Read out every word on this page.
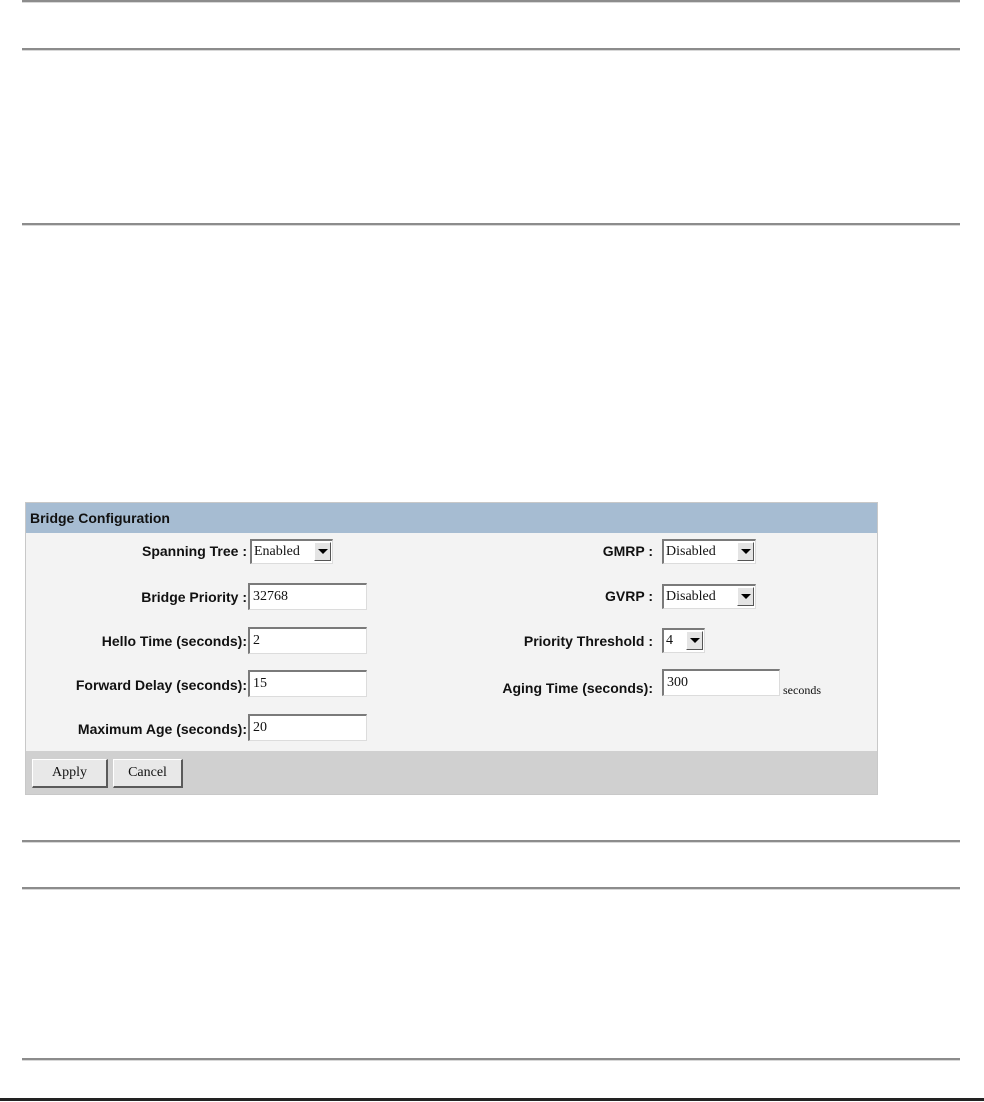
Bridge Configuration
Spanning Tree : Enabled
Bridge Priority : 32768
Hello Time (seconds): 2
Forward Delay (seconds): 15
Maximum Age (seconds): 20
GMRP : Disabled
GVRP : Disabled
Priority Threshold : 4
Aging Time (seconds):	300	seconds
Apply	Cancel
